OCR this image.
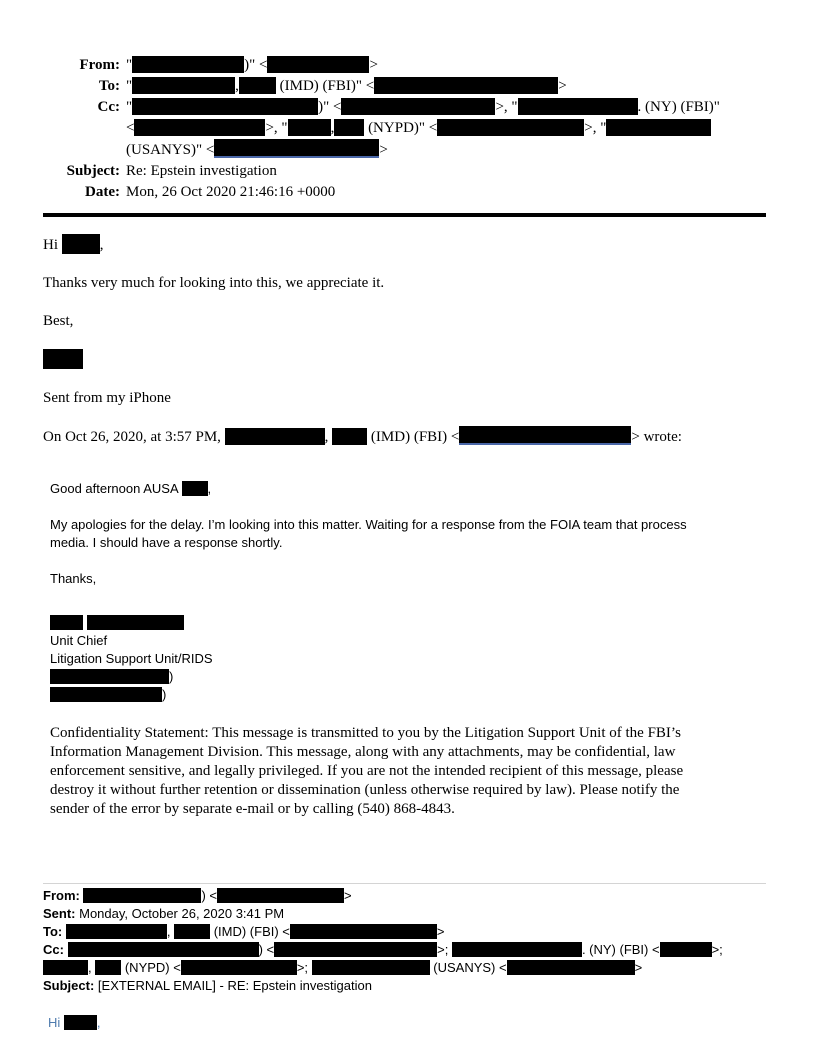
From: "	)" <	>
To: "	, (IMD) (FBI)" <	>
Cc: "	)" <	>, "	. (NY) (FBI)"
<	>, "	, (NYPD)" <	>, "
(USANYS)" <	>
Subject: Re: Epstein investigation
Date: Mon, 26 Oct 2020 21:46:16 +0000

Hi	,

Thanks very much for looking into this, we appreciate it.

Best,

Sent from my iPhone

On Oct 26, 2020, at 3:57 PM,	,  (IMD) (FBI) <	> wrote:

Good afternoon AUSA ,

My apologies for the delay. I’m looking into this matter. Waiting for a response from the FOIA team that process
media. I should have a response shortly.

Thanks,

Unit Chief
Litigation Support Unit/RIDS
)
)
Confidentiality Statement: This message is transmitted to you by the Litigation Support Unit of the FBI’s
Information Management Division. This message, along with any attachments, may be confidential, law
enforcement sensitive, and legally privileged. If you are not the intended recipient of this message, please
destroy it without further retention or dissemination (unless otherwise required by law). Please notify the
sender of the error by separate e-mail or by calling (540) 868-4843.
From:	) <	>
Sent: Monday, October 26, 2020 3:41 PM
To:	,	(IMD) (FBI) <	>
Cc:	) <	>;	. (NY) (FBI) <	>;
,  (NYPD) <	>;	(USANYS) <	>
Subject: [EXTERNAL EMAIL] - RE: Epstein investigation
Hi	,
